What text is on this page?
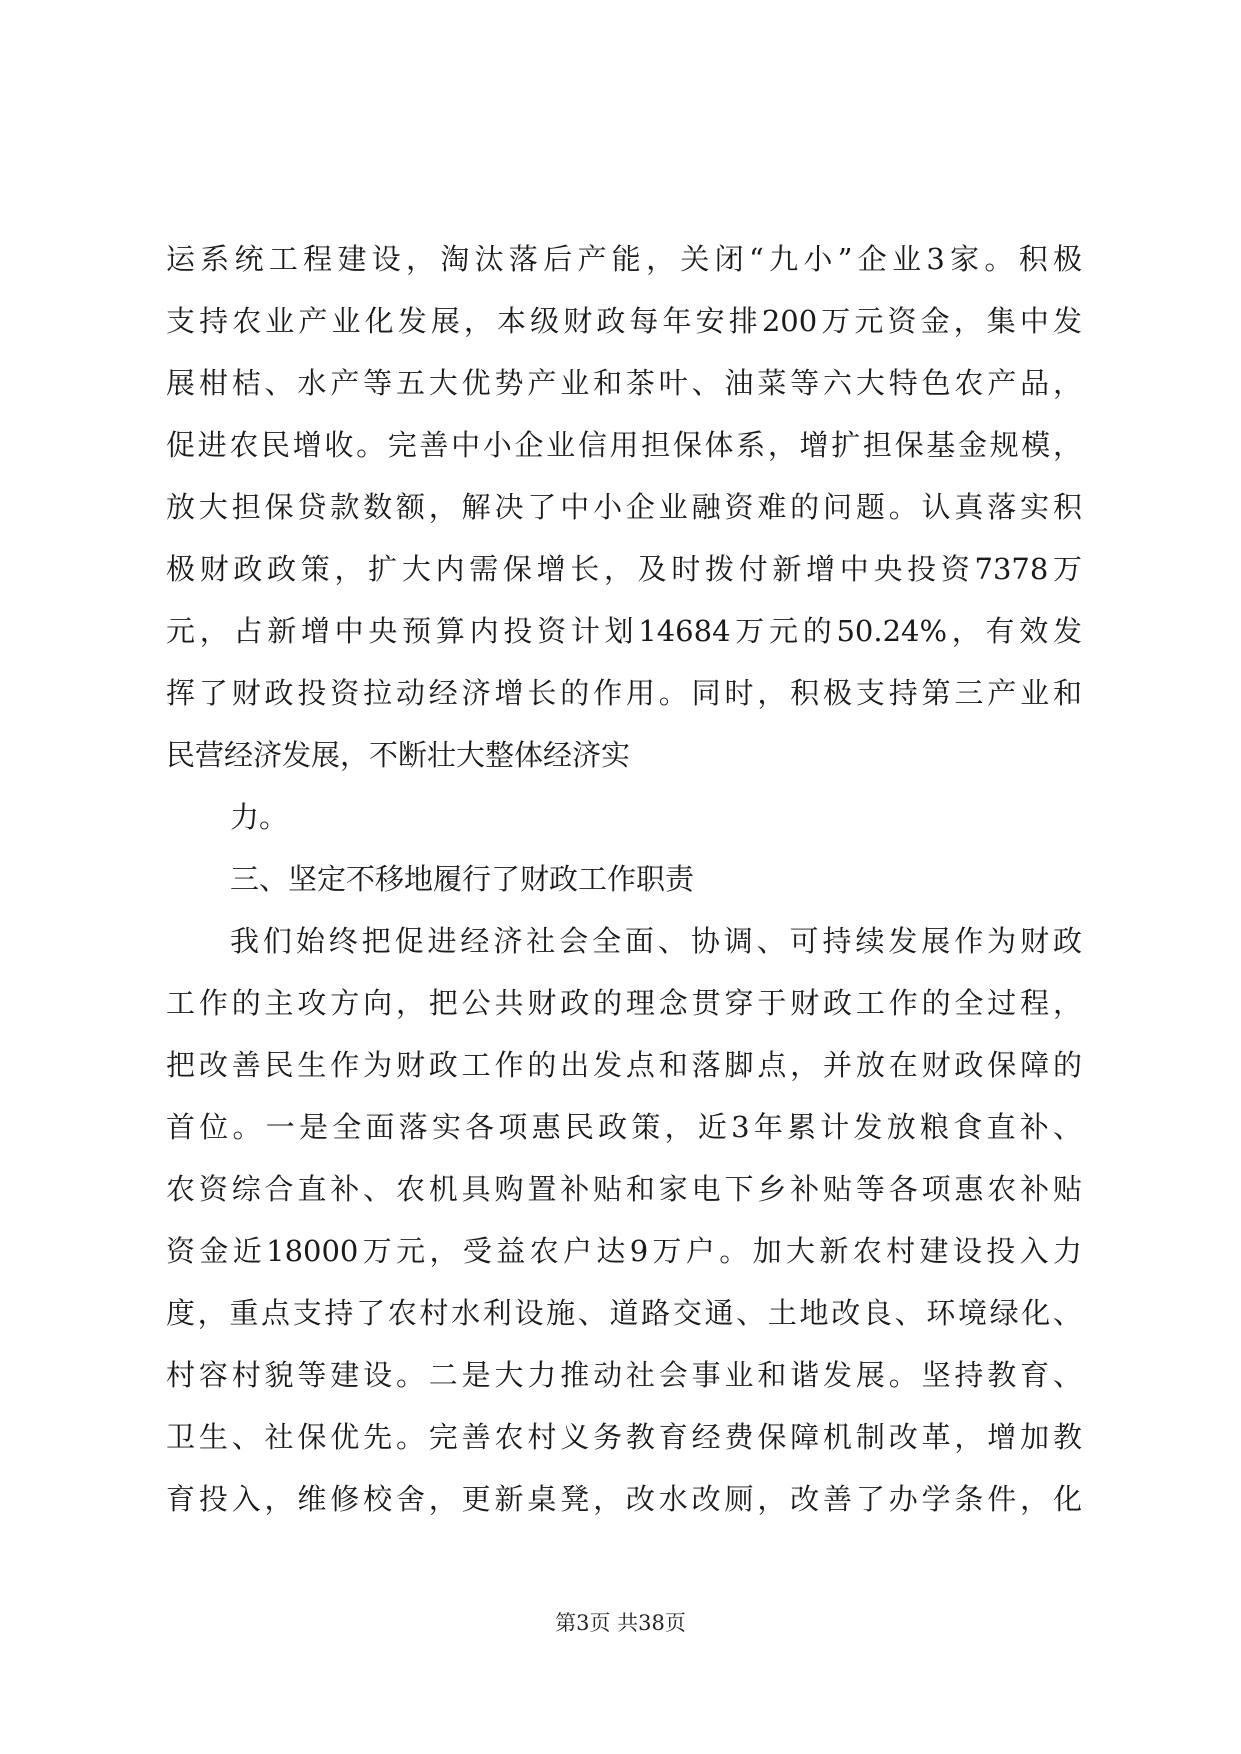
运系统工程建设，淘汰落后产能，关闭“九小”企业3家。积极
支持农业产业化发展，本级财政每年安排200万元资金，集中发
展柑桔、水产等五大优势产业和茶叶、油菜等六大特色农产品，
促进农民增收。完善中小企业信用担保体系，增扩担保基金规模，
放大担保贷款数额，解决了中小企业融资难的问题。认真落实积
极财政政策，扩大内需保增长，及时拨付新增中央投资7378万
元，占新增中央预算内投资计划14684万元的50.24%，有效发
挥了财政投资拉动经济增长的作用。同时，积极支持第三产业和
民营经济发展，不断壮大整体经济实
力。
三、坚定不移地履行了财政工作职责
我们始终把促进经济社会全面、协调、可持续发展作为财政
工作的主攻方向，把公共财政的理念贯穿于财政工作的全过程，
把改善民生作为财政工作的出发点和落脚点，并放在财政保障的
首位。一是全面落实各项惠民政策，近3年累计发放粮食直补、
农资综合直补、农机具购置补贴和家电下乡补贴等各项惠农补贴
资金近18000万元，受益农户达9万户。加大新农村建设投入力
度，重点支持了农村水利设施、道路交通、土地改良、环境绿化、
村容村貌等建设。二是大力推动社会事业和谐发展。坚持教育、
卫生、社保优先。完善农村义务教育经费保障机制改革，增加教
育投入，维修校舍，更新桌凳，改水改厕，改善了办学条件，化
第3页 共38页
